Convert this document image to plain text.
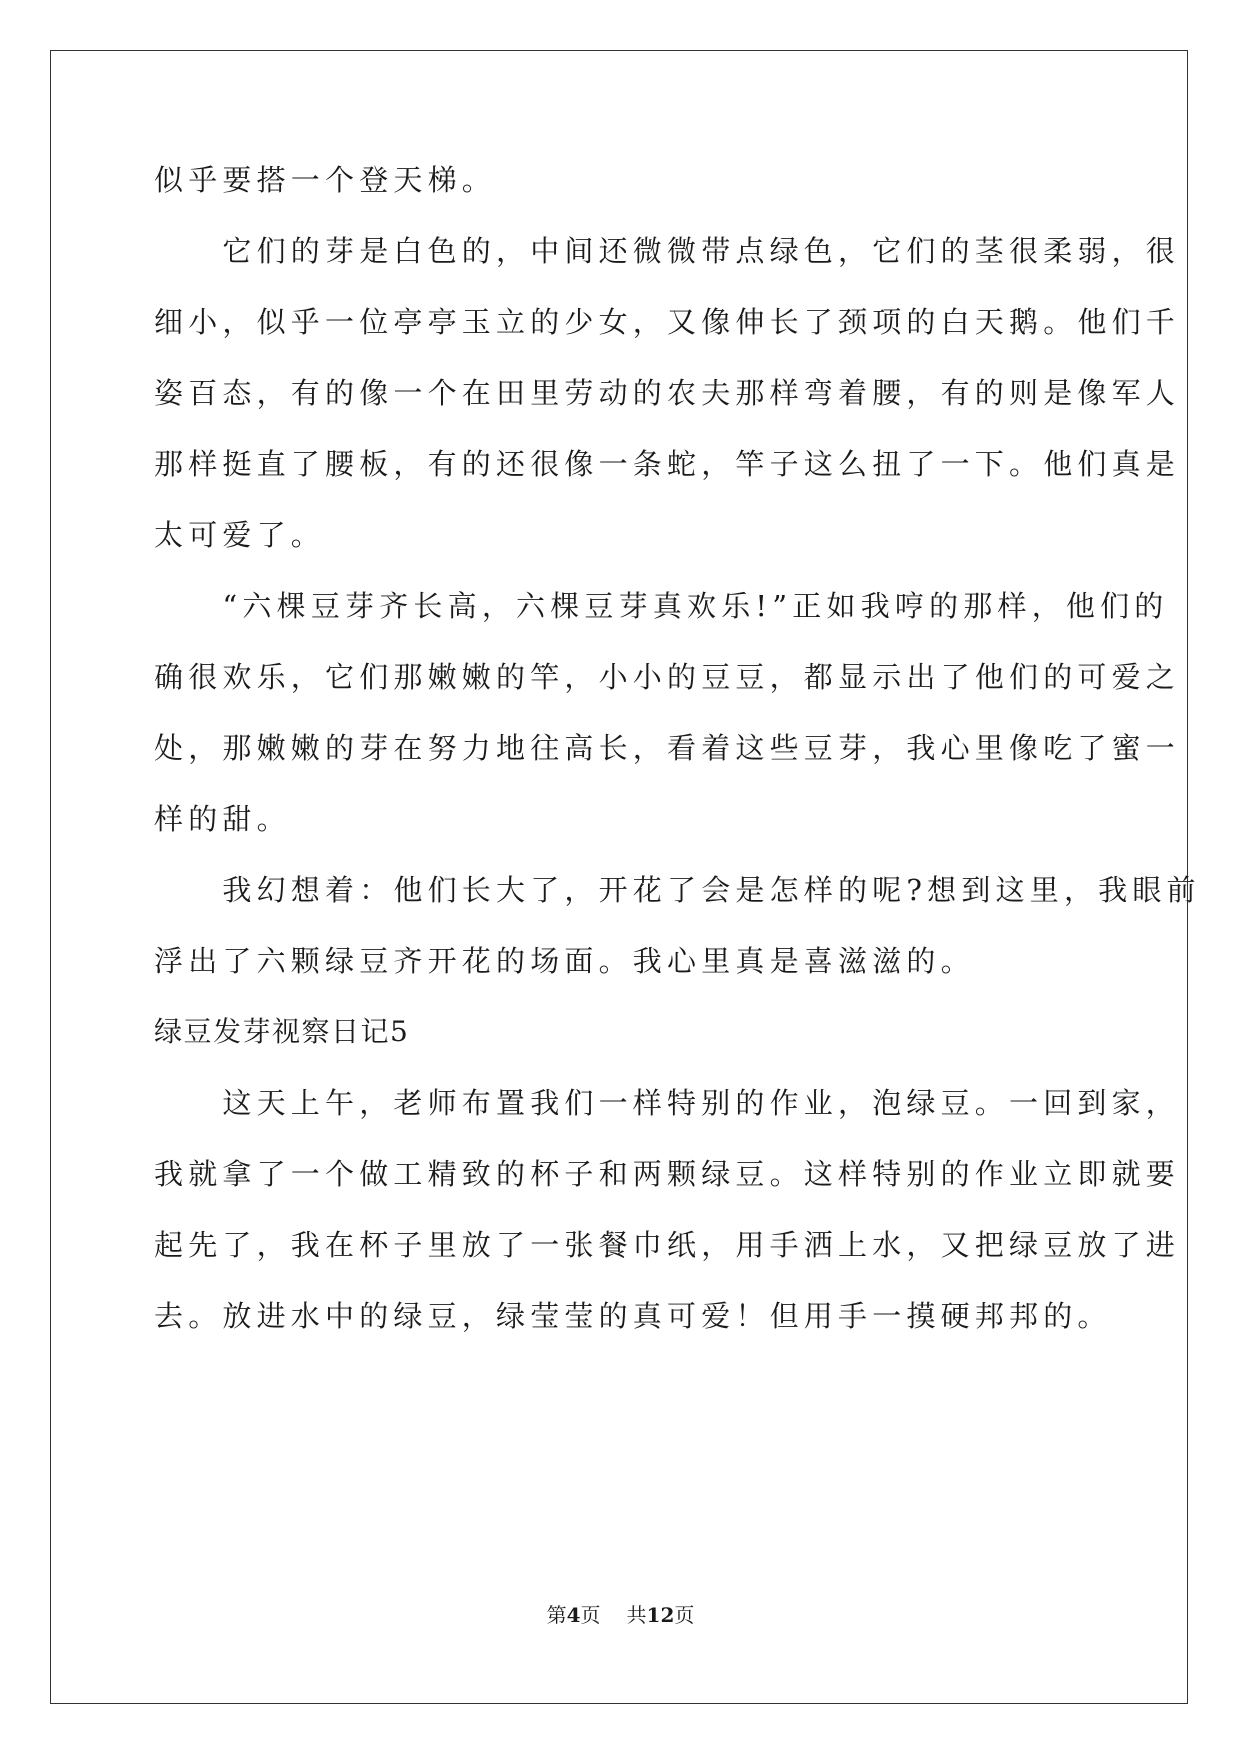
似乎要搭一个登天梯。
　　它们的芽是白色的，中间还微微带点绿色，它们的茎很柔弱，很
细小，似乎一位亭亭玉立的少女，又像伸长了颈项的白天鹅。他们千
姿百态，有的像一个在田里劳动的农夫那样弯着腰，有的则是像军人
那样挺直了腰板，有的还很像一条蛇，竿子这么扭了一下。他们真是
太可爱了。
　　“六棵豆芽齐长高，六棵豆芽真欢乐!”正如我哼的那样，他们的
确很欢乐，它们那嫩嫩的竿，小小的豆豆，都显示出了他们的可爱之
处，那嫩嫩的芽在努力地往高长，看着这些豆芽，我心里像吃了蜜一
样的甜。
　　我幻想着：他们长大了，开花了会是怎样的呢?想到这里，我眼前
浮出了六颗绿豆齐开花的场面。我心里真是喜滋滋的。
绿豆发芽视察日记5
　　这天上午，老师布置我们一样特别的作业，泡绿豆。一回到家，
我就拿了一个做工精致的杯子和两颗绿豆。这样特别的作业立即就要
起先了，我在杯子里放了一张餐巾纸，用手洒上水，又把绿豆放了进
去。放进水中的绿豆，绿莹莹的真可爱！但用手一摸硬邦邦的。
第4页 共12页
